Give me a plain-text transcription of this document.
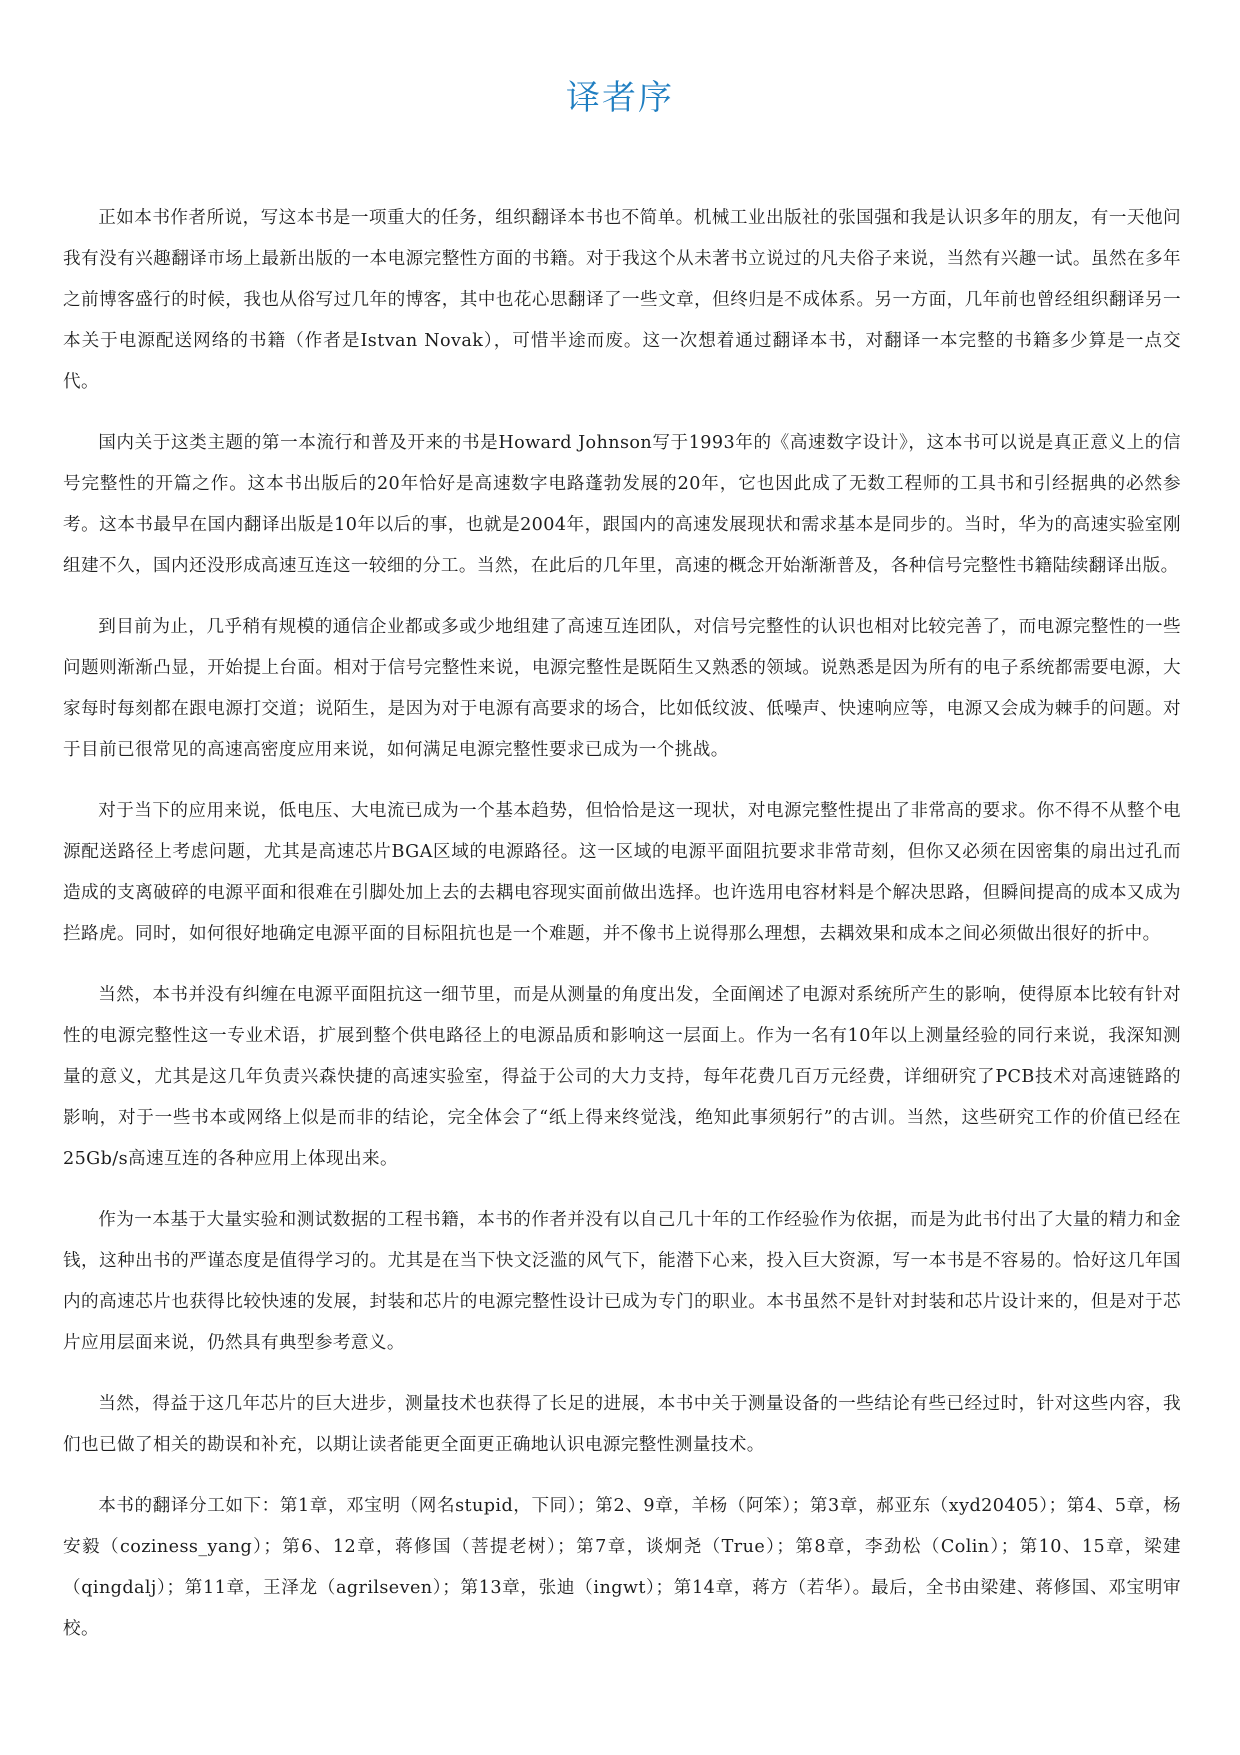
译者序

正如本书作者所说，写这本书是一项重大的任务，组织翻译本书也不简单。机械工业出版社的张国强和我是认识多年的朋友，有一天他问我有没有兴趣翻译市场上最新出版的一本电源完整性方面的书籍。对于我这个从未著书立说过的凡夫俗子来说，当然有兴趣一试。虽然在多年之前博客盛行的时候，我也从俗写过几年的博客，其中也花心思翻译了一些文章，但终归是不成体系。另一方面，几年前也曾经组织翻译另一本关于电源配送网络的书籍（作者是Istvan Novak），可惜半途而废。这一次想着通过翻译本书，对翻译一本完整的书籍多少算是一点交代。

国内关于这类主题的第一本流行和普及开来的书是Howard Johnson写于1993年的《高速数字设计》，这本书可以说是真正意义上的信号完整性的开篇之作。这本书出版后的20年恰好是高速数字电路蓬勃发展的20年，它也因此成了无数工程师的工具书和引经据典的必然参考。这本书最早在国内翻译出版是10年以后的事，也就是2004年，跟国内的高速发展现状和需求基本是同步的。当时，华为的高速实验室刚组建不久，国内还没形成高速互连这一较细的分工。当然，在此后的几年里，高速的概念开始渐渐普及，各种信号完整性书籍陆续翻译出版。

到目前为止，几乎稍有规模的通信企业都或多或少地组建了高速互连团队，对信号完整性的认识也相对比较完善了，而电源完整性的一些问题则渐渐凸显，开始提上台面。相对于信号完整性来说，电源完整性是既陌生又熟悉的领域。说熟悉是因为所有的电子系统都需要电源，大家每时每刻都在跟电源打交道；说陌生，是因为对于电源有高要求的场合，比如低纹波、低噪声、快速响应等，电源又会成为棘手的问题。对于目前已很常见的高速高密度应用来说，如何满足电源完整性要求已成为一个挑战。

对于当下的应用来说，低电压、大电流已成为一个基本趋势，但恰恰是这一现状，对电源完整性提出了非常高的要求。你不得不从整个电源配送路径上考虑问题，尤其是高速芯片BGA区域的电源路径。这一区域的电源平面阻抗要求非常苛刻，但你又必须在因密集的扇出过孔而造成的支离破碎的电源平面和很难在引脚处加上去的去耦电容现实面前做出选择。也许选用电容材料是个解决思路，但瞬间提高的成本又成为拦路虎。同时，如何很好地确定电源平面的目标阻抗也是一个难题，并不像书上说得那么理想，去耦效果和成本之间必须做出很好的折中。

当然，本书并没有纠缠在电源平面阻抗这一细节里，而是从测量的角度出发，全面阐述了电源对系统所产生的影响，使得原本比较有针对性的电源完整性这一专业术语，扩展到整个供电路径上的电源品质和影响这一层面上。作为一名有10年以上测量经验的同行来说，我深知测量的意义，尤其是这几年负责兴森快捷的高速实验室，得益于公司的大力支持，每年花费几百万元经费，详细研究了PCB技术对高速链路的影响，对于一些书本或网络上似是而非的结论，完全体会了“纸上得来终觉浅，绝知此事须躬行”的古训。当然，这些研究工作的价值已经在25Gb/s高速互连的各种应用上体现出来。

作为一本基于大量实验和测试数据的工程书籍，本书的作者并没有以自己几十年的工作经验作为依据，而是为此书付出了大量的精力和金钱，这种出书的严谨态度是值得学习的。尤其是在当下快文泛滥的风气下，能潜下心来，投入巨大资源，写一本书是不容易的。恰好这几年国内的高速芯片也获得比较快速的发展，封装和芯片的电源完整性设计已成为专门的职业。本书虽然不是针对封装和芯片设计来的，但是对于芯片应用层面来说，仍然具有典型参考意义。

当然，得益于这几年芯片的巨大进步，测量技术也获得了长足的进展，本书中关于测量设备的一些结论有些已经过时，针对这些内容，我们也已做了相关的勘误和补充，以期让读者能更全面更正确地认识电源完整性测量技术。

本书的翻译分工如下：第1章，邓宝明（网名stupid，下同）；第2、9章，羊杨（阿笨）；第3章，郝亚东（xyd20405）；第4、5章，杨安毅（coziness_yang）；第6、12章，蒋修国（菩提老树）；第7章，谈炯尧（True）；第8章，李劲松（Colin）；第10、15章，梁建（qingdalj）；第11章，王泽龙（agrilseven）；第13章，张迪（ingwt）；第14章，蒋方（若华）。最后，全书由梁建、蒋修国、邓宝明审校。
